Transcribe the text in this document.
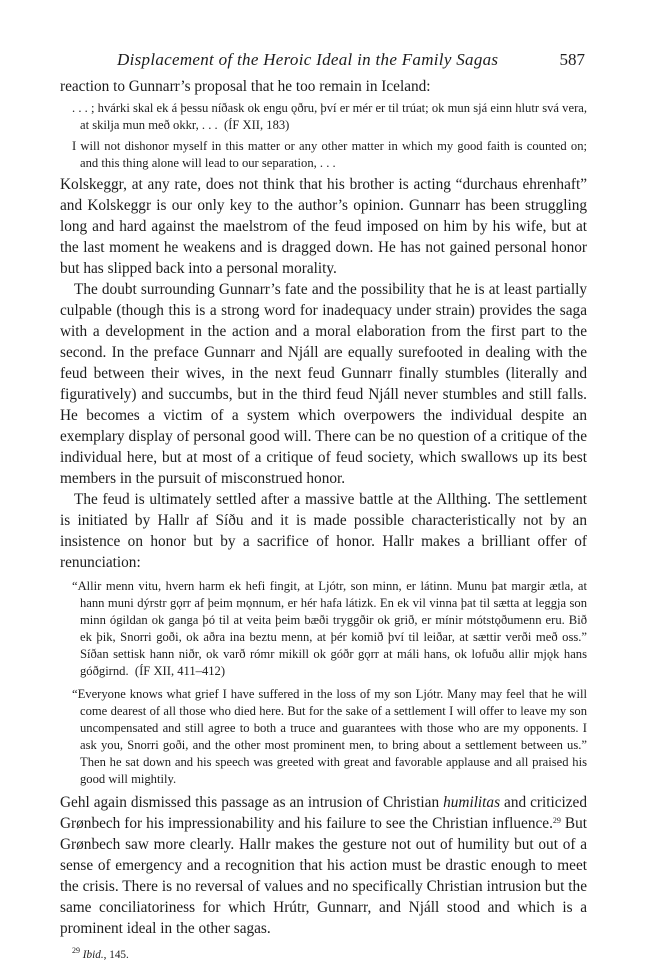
Displacement of the Heroic Ideal in the Family Sagas	587

reaction to Gunnarr’s proposal that he too remain in Iceland:

. . . ; hvárki skal ek á þessu níðask ok engu ǫðru, því er mér er til trúat; ok mun sjá einn hlutr svá vera, at skilja mun með okkr, . . . (ÍF XII, 183)

I will not dishonor myself in this matter or any other matter in which my good faith is counted on; and this thing alone will lead to our separation, . . .

Kolskeggr, at any rate, does not think that his brother is acting “durchaus ehrenhaft” and Kolskeggr is our only key to the author’s opinion. Gunnarr has been struggling long and hard against the maelstrom of the feud imposed on him by his wife, but at the last moment he weakens and is dragged down. He has not gained personal honor but has slipped back into a personal morality.

The doubt surrounding Gunnarr’s fate and the possibility that he is at least partially culpable (though this is a strong word for inadequacy under strain) provides the saga with a development in the action and a moral elaboration from the first part to the second. In the preface Gunnarr and Njáll are equally surefooted in dealing with the feud between their wives, in the next feud Gunnarr finally stumbles (literally and figuratively) and succumbs, but in the third feud Njáll never stumbles and still falls. He becomes a victim of a system which overpowers the individual despite an exemplary display of personal good will. There can be no question of a critique of the individual here, but at most of a critique of feud society, which swallows up its best members in the pursuit of misconstrued honor.

The feud is ultimately settled after a massive battle at the Allthing. The settlement is initiated by Hallr af Síðu and it is made possible characteristically not by an insistence on honor but by a sacrifice of honor. Hallr makes a brilliant offer of renunciation:

“Allir menn vitu, hvern harm ek hefi fingit, at Ljótr, son minn, er látinn. Munu þat margir ætla, at hann muni dýrstr gǫrr af þeim mǫnnum, er hér hafa látizk. En ek vil vinna þat til sætta at leggja son minn ógildan ok ganga þó til at veita þeim bæði tryggðir ok grið, er mínir mótstǫðumenn eru. Bið ek þik, Snorri goði, ok aðra ina beztu menn, at þér komið því til leiðar, at sættir verði með oss.” Síðan settisk hann niðr, ok varð rómr mikill ok góðr gǫrr at máli hans, ok lofuðu allir mjǫk hans góðgirnd. (ÍF XII, 411–412)

“Everyone knows what grief I have suffered in the loss of my son Ljótr. Many may feel that he will come dearest of all those who died here. But for the sake of a settlement I will offer to leave my son uncompensated and still agree to both a truce and guarantees with those who are my opponents. I ask you, Snorri goði, and the other most prominent men, to bring about a settlement between us.” Then he sat down and his speech was greeted with great and favorable applause and all praised his good will mightily.

Gehl again dismissed this passage as an intrusion of Christian humilitas and criticized Grønbech for his impressionability and his failure to see the Christian influence.$^{29}$ But Grønbech saw more clearly. Hallr makes the gesture not out of humility but out of a sense of emergency and a recognition that his action must be drastic enough to meet the crisis. There is no reversal of values and no specifically Christian intrusion but the same conciliatoriness for which Hrútr, Gunnarr, and Njáll stood and which is a prominent ideal in the other sagas.

$^{29}$ Ibid., 145.
